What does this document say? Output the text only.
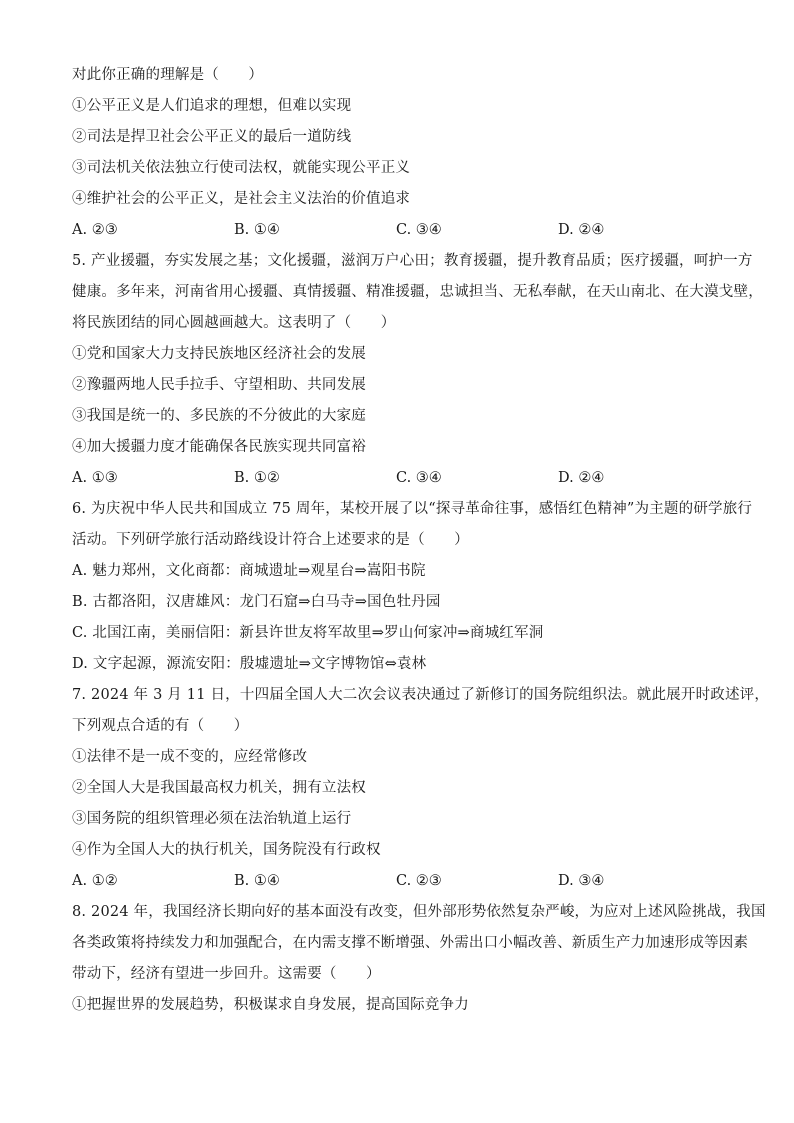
对此你正确的理解是（　　）
①公平正义是人们追求的理想，但难以实现
②司法是捍卫社会公平正义的最后一道防线
③司法机关依法独立行使司法权，就能实现公平正义
④维护社会的公平正义，是社会主义法治的价值追求
A. ②③	B. ①④	C. ③④	D. ②④
5. 产业援疆，夯实发展之基；文化援疆，滋润万户心田；教育援疆，提升教育品质；医疗援疆，呵护一方
健康。多年来，河南省用心援疆、真情援疆、精准援疆，忠诚担当、无私奉献，在天山南北、在大漠戈壁，
将民族团结的同心圆越画越大。这表明了（　　）
①党和国家大力支持民族地区经济社会的发展
②豫疆两地人民手拉手、守望相助、共同发展
③我国是统一的、多民族的不分彼此的大家庭
④加大援疆力度才能确保各民族实现共同富裕
A. ①③	B. ①②	C. ③④	D. ②④
6. 为庆祝中华人民共和国成立 75 周年，某校开展了以“探寻革命往事，感悟红色精神”为主题的研学旅行
活动。下列研学旅行活动路线设计符合上述要求的是（　　）
A. 魅力郑州，文化商都：商城遗址⇒观星台⇒嵩阳书院
B. 古都洛阳，汉唐雄风：龙门石窟⇒白马寺⇒国色牡丹园
C. 北国江南，美丽信阳：新县许世友将军故里⇒罗山何家冲⇒商城红军洞
D. 文字起源，源流安阳：殷墟遗址⇒文字博物馆⇔袁林
7. 2024 年 3 月 11 日，十四届全国人大二次会议表决通过了新修订的国务院组织法。就此展开时政述评，
下列观点合适的有（　　）
①法律不是一成不变的，应经常修改
②全国人大是我国最高权力机关，拥有立法权
③国务院的组织管理必须在法治轨道上运行
④作为全国人大的执行机关，国务院没有行政权
A. ①②	B. ①④	C. ②③	D. ③④
8. 2024 年，我国经济长期向好的基本面没有改变，但外部形势依然复杂严峻，为应对上述风险挑战，我国
各类政策将持续发力和加强配合，在内需支撑不断增强、外需出口小幅改善、新质生产力加速形成等因素
带动下，经济有望进一步回升。这需要（　　）
①把握世界的发展趋势，积极谋求自身发展，提高国际竞争力
